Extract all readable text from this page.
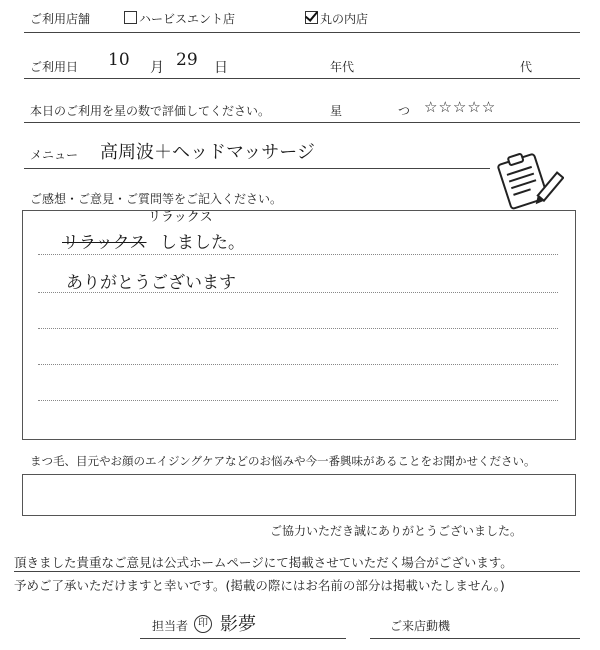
ご利用店舗	ハービスエント店	丸の内店
ご利用日 10 月 29 日	年代	代
本日のご利用を星の数で評価してください。	星	つ ☆☆☆☆☆
メニュー 高周波＋ヘッドマッサージ
ご感想・ご意見・ご質問等をご記入ください。
リラックス
リラックス しました。
ありがとうございます
まつ毛、目元やお顔のエイジングケアなどのお悩みや今一番興味があることをお聞かせください。
ご協力いただき誠にありがとうございました。
頂きました貴重なご意見は公式ホームページにて掲載させていただく場合がございます。
予めご了承いただけますと幸いです。(掲載の際にはお名前の部分は掲載いたしません。)
担当者 印 影夢	ご来店動機
